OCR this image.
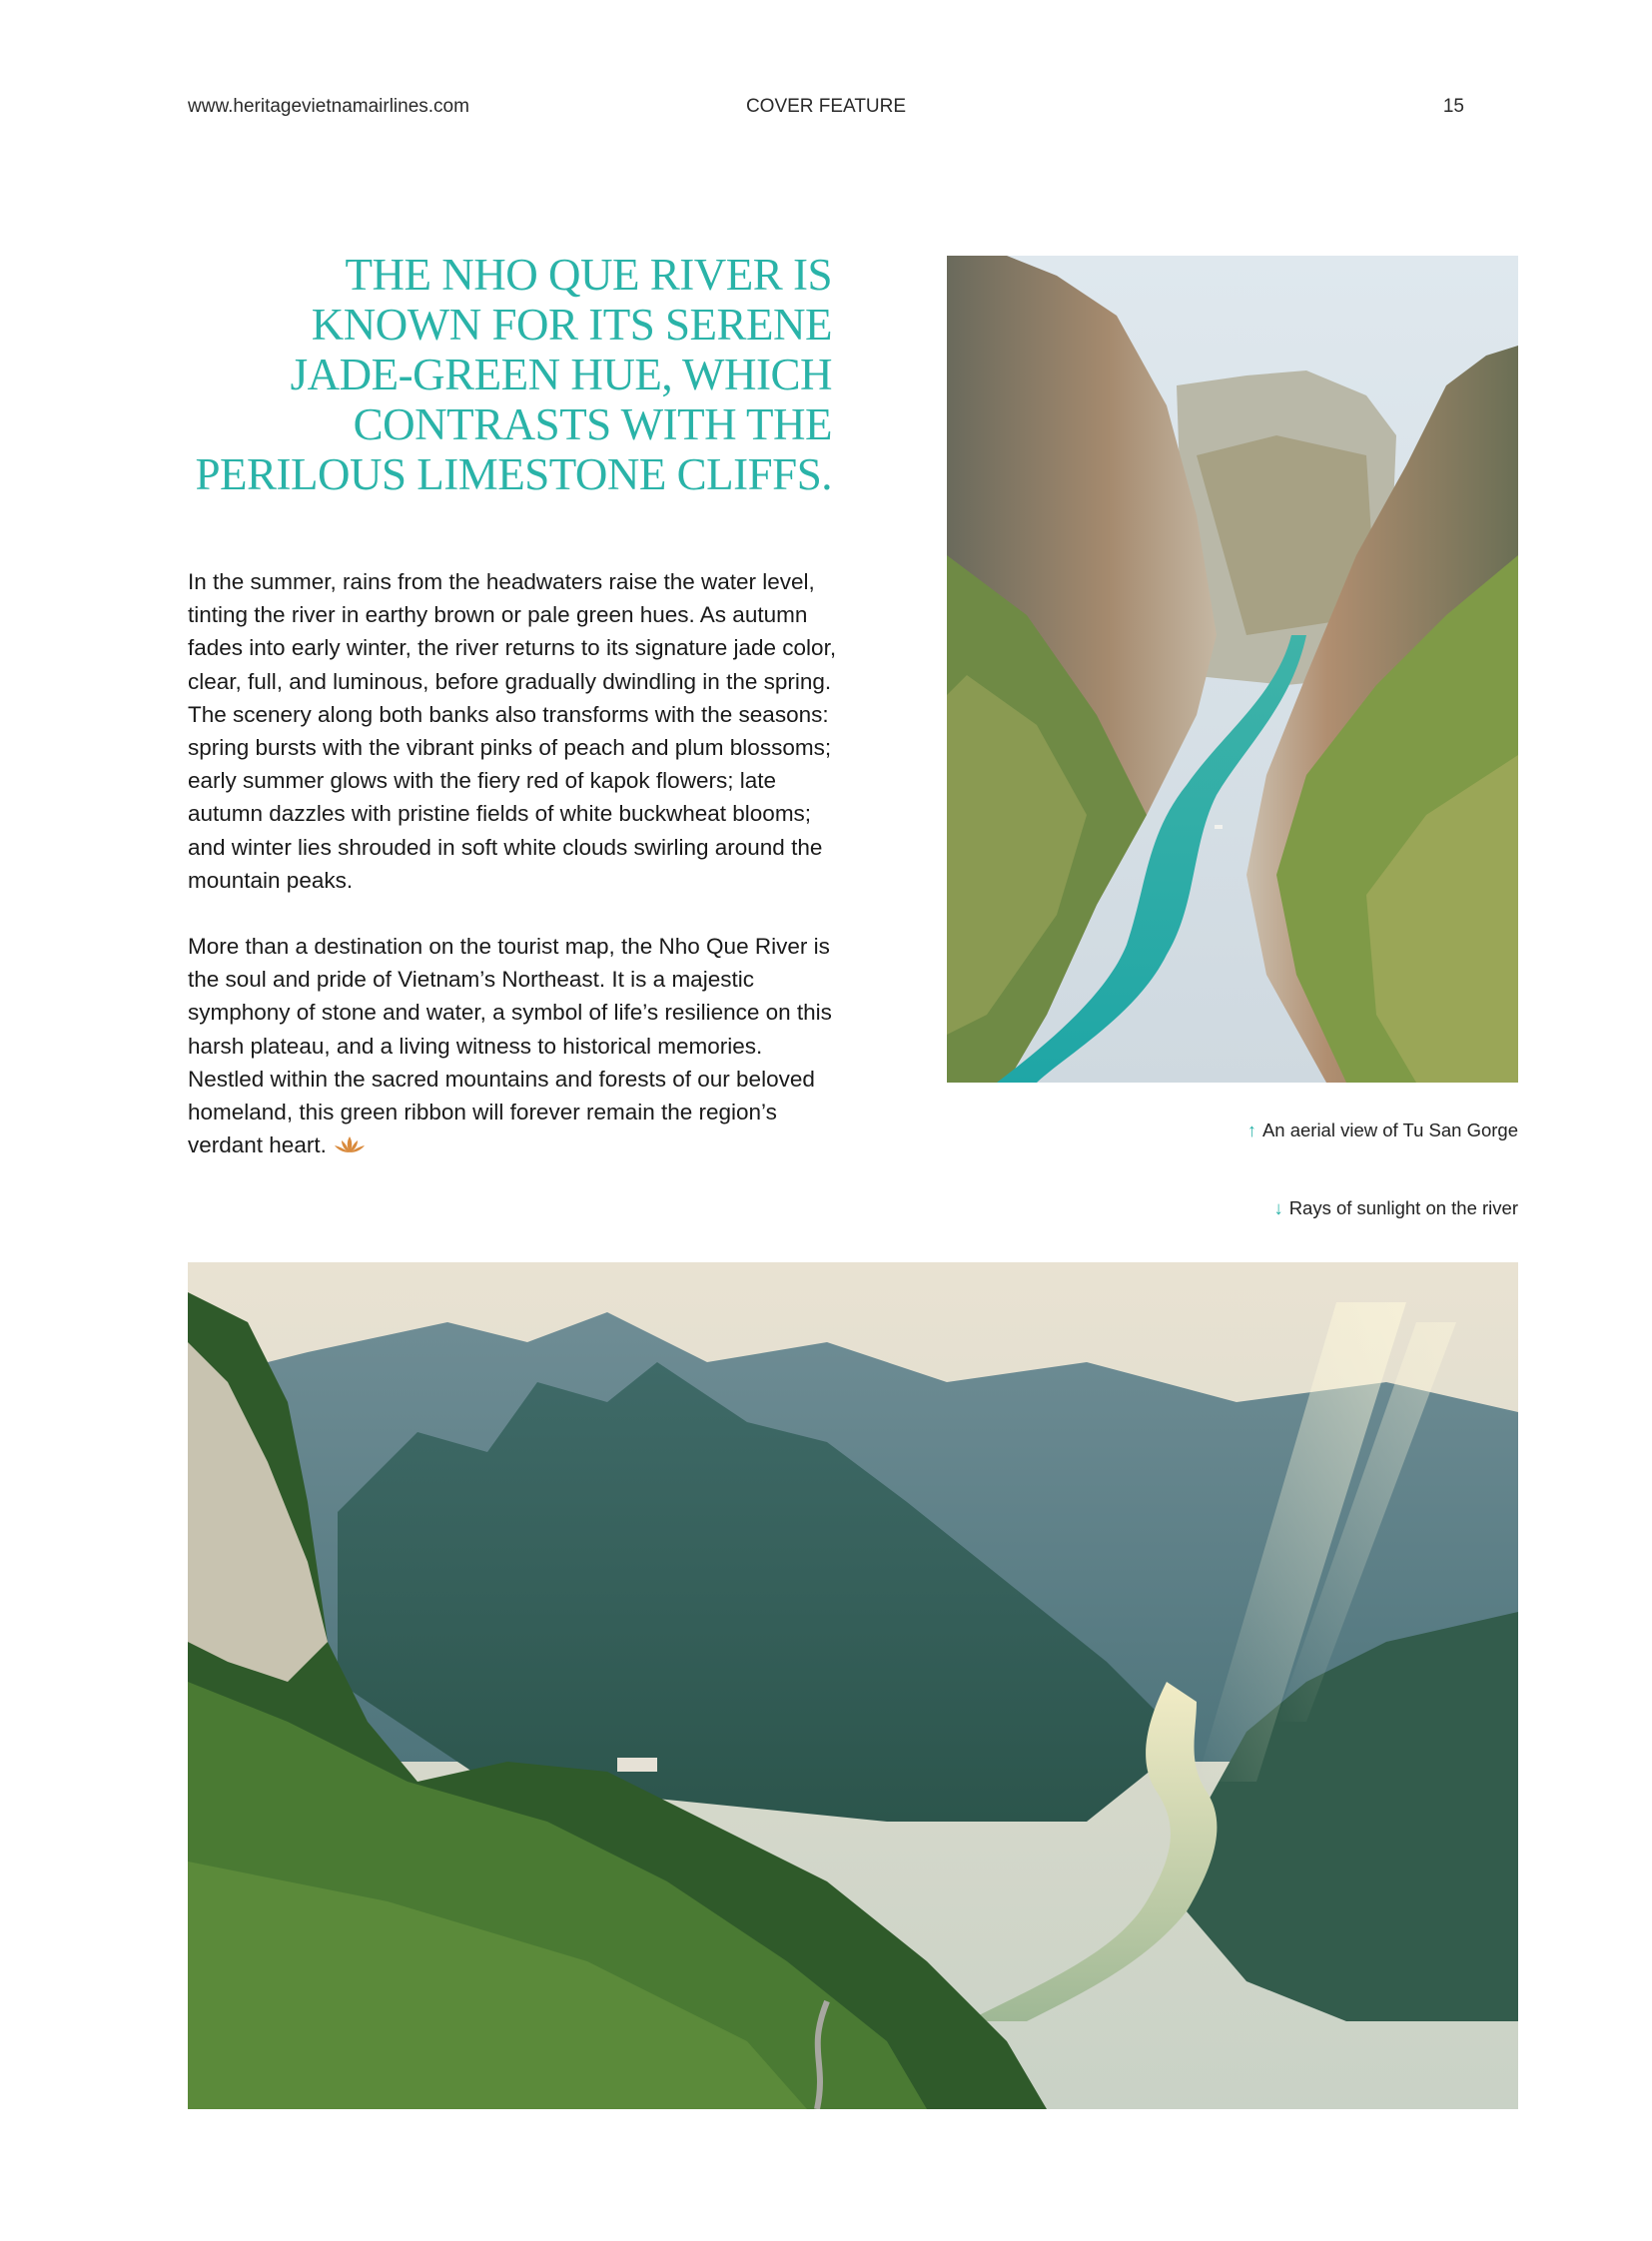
www.heritagevietnamairlines.com	COVER FEATURE	15
THE NHO QUE RIVER IS KNOWN FOR ITS SERENE JADE-GREEN HUE, WHICH CONTRASTS WITH THE PERILOUS LIMESTONE CLIFFS.

In the summer, rains from the headwaters raise the water level, tinting the river in earthy brown or pale green hues. As autumn fades into early winter, the river returns to its signature jade color, clear, full, and luminous, before gradually dwindling in the spring. The scenery along both banks also transforms with the seasons: spring bursts with the vibrant pinks of peach and plum blossoms; early summer glows with the fiery red of kapok flowers; late autumn dazzles with pristine fields of white buckwheat blooms; and winter lies shrouded in soft white clouds swirling around the mountain peaks.

More than a destination on the tourist map, the Nho Que River is the soul and pride of Vietnam’s Northeast. It is a majestic symphony of stone and water, a symbol of life’s resilience on this harsh plateau, and a living witness to historical memories. Nestled within the sacred mountains and forests of our beloved homeland, this green ribbon will forever remain the region’s verdant heart.

↑ An aerial view of Tu San Gorge
↓ Rays of sunlight on the river
